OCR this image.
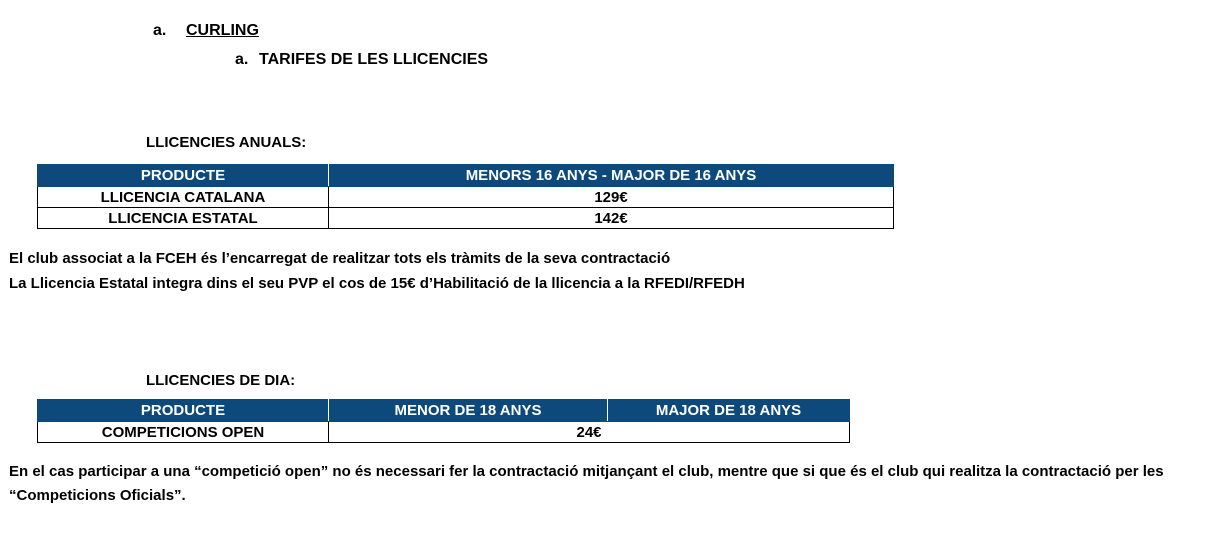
a. CURLING
a. TARIFES DE LES LLICENCIES
LLICENCIES ANUALS:
PRODUCTE	MENORS 16 ANYS - MAJOR DE 16 ANYS
LLICENCIA CATALANA	129€
LLICENCIA ESTATAL	142€
El club associat a la FCEH és l’encarregat de realitzar tots els tràmits de la seva contractació
La Llicencia Estatal integra dins el seu PVP el cos de 15€ d’Habilitació de la llicencia a la RFEDI/RFEDH
LLICENCIES DE DIA:
PRODUCTE	MENOR DE 18 ANYS	MAJOR DE 18 ANYS
COMPETICIONS OPEN	24€	
En el cas participar a una “competició open” no és necessari fer la contractació mitjançant el club, mentre que si que és el club qui realitza la contractació per les “Competicions Oficials”.
